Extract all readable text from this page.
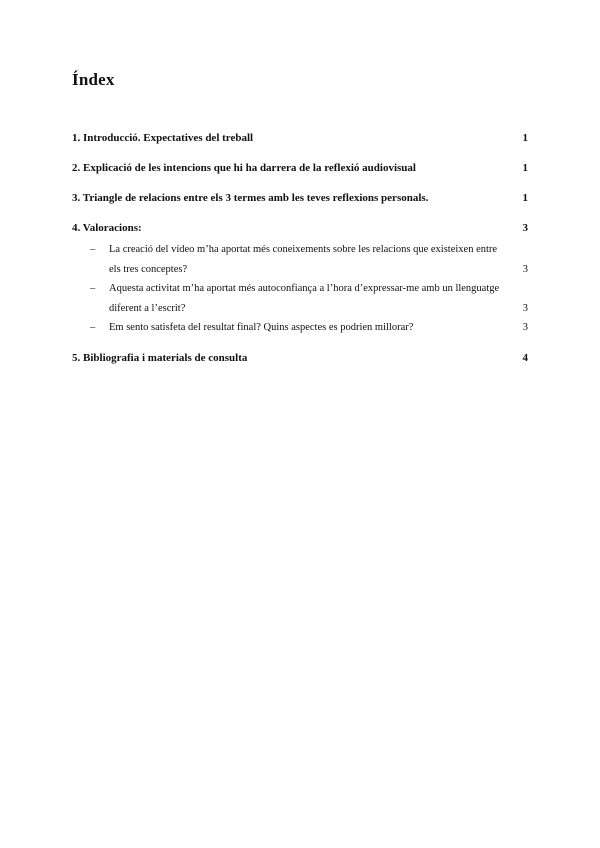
Índex
1. Introducció. Expectatives del treball	1
2. Explicació de les intencions que hi ha darrera de la reflexió audiovisual	1
3. Triangle de relacions entre els 3 termes amb les teves reflexions personals.	1
4. Valoracions:	3
– La creació del vídeo m’ha aportat més coneixements sobre les relacions que existeixen entre els tres conceptes?	3
– Aquesta activitat m’ha aportat més autoconfiança a l’hora d’expressar-me amb un llenguatge diferent a l’escrit?	3
– Em sento satisfeta del resultat final? Quins aspectes es podrien millorar?	3
5. Bibliografia i materials de consulta	4
